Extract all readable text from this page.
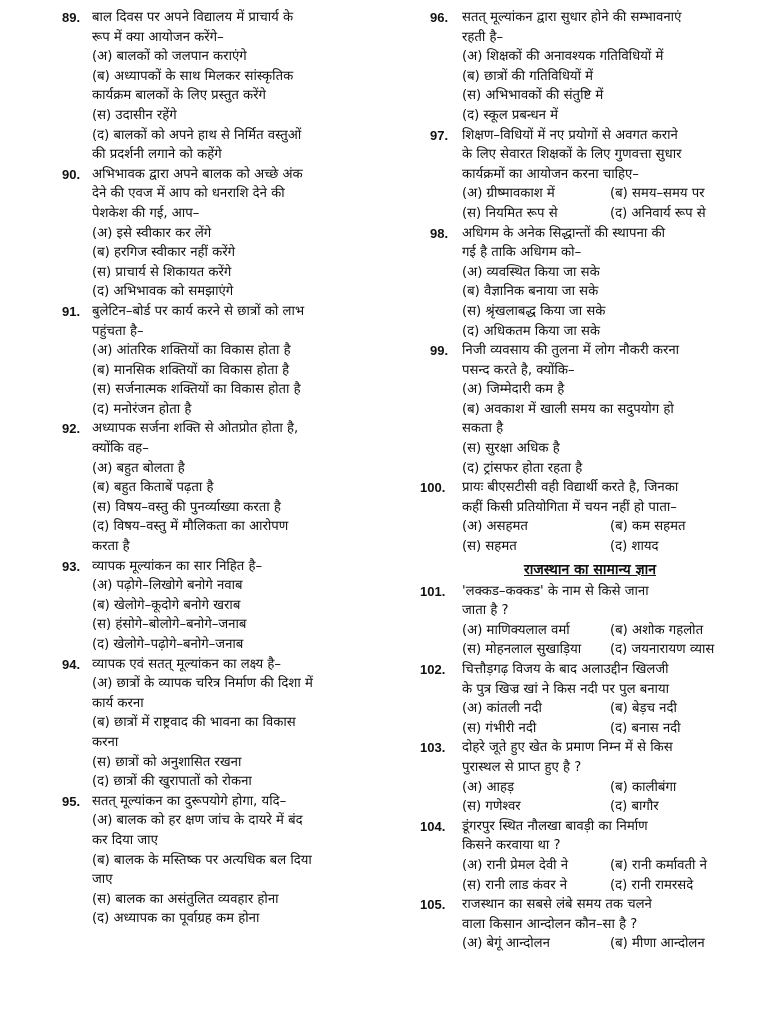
89. बाल दिवस पर अपने विद्यालय में प्राचार्य के
रूप में क्या आयोजन करेंगे–
(अ) बालकों को जलपान कराएंगे
(ब) अध्यापकों के साथ मिलकर सांस्कृतिक
कार्यक्रम बालकों के लिए प्रस्तुत करेंगे
(स) उदासीन रहेंगे
(द) बालकों को अपने हाथ से निर्मित वस्तुओं
की प्रदर्शनी लगाने को कहेंगे
90. अभिभावक द्वारा अपने बालक को अच्छे अंक
देने की एवज में आप को धनराशि देने की
पेशकेश की गई, आप–
(अ) इसे स्वीकार कर लेंगे
(ब) हरगिज स्वीकार नहीं करेंगे
(स) प्राचार्य से शिकायत करेंगे
(द) अभिभावक को समझाएंगे
91. बुलेटिन–बोर्ड पर कार्य करने से छात्रों को लाभ
पहुंचता है–
(अ) आंतरिक शक्तियों का विकास होता है
(ब) मानसिक शक्तियों का विकास होता है
(स) सर्जनात्मक शक्तियों का विकास होता है
(द) मनोरंजन होता है
92. अध्यापक सर्जना शक्ति से ओतप्रोत होता है,
क्योंकि वह–
(अ) बहुत बोलता है
(ब) बहुत किताबें पढ़ता है
(स) विषय–वस्तु की पुनर्व्याख्या करता है
(द) विषय–वस्तु में मौलिकता का आरोपण
करता है
93. व्यापक मूल्यांकन का सार निहित है–
(अ) पढ़ोगे–लिखोगे बनोगे नवाब
(ब) खेलोगे–कूदोगे बनोगे खराब
(स) हंसोगे–बोलोगे–बनोगे–जनाब
(द) खेलोगे–पढ़ोगे–बनोगे–जनाब
94. व्यापक एवं सतत् मूल्यांकन का लक्ष्य है–
(अ) छात्रों के व्यापक चरित्र निर्माण की दिशा में
कार्य करना
(ब) छात्रों में राष्ट्रवाद की भावना का विकास
करना
(स) छात्रों को अनुशासित रखना
(द) छात्रों की खुरापातों को रोकना
95. सतत् मूल्यांकन का दुरूपयोगे होगा, यदि–
(अ) बालक को हर क्षण जांच के दायरे में बंद
कर दिया जाए
(ब) बालक के मस्तिष्क पर अत्यधिक बल दिया
जाए
(स) बालक का असंतुलित व्यवहार होना
(द) अध्यापक का पूर्वाग्रह कम होना
96. सतत् मूल्यांकन द्वारा सुधार होने की सम्भावनाएं
रहती है–
(अ) शिक्षकों की अनावश्यक गतिविधियों में
(ब) छात्रों की गतिविधियों में
(स) अभिभावकों की संतुष्टि में
(द) स्कूल प्रबन्धन में
97. शिक्षण–विधियों में नए प्रयोगों से अवगत कराने
के लिए सेवारत शिक्षकों के लिए गुणवत्ता सुधार
कार्यक्रमों का आयोजन करना चाहिए–
(अ) ग्रीष्मावकाश में	(ब) समय–समय पर
(स) नियमित रूप से	(द) अनिवार्य रूप से
98. अधिगम के अनेक सिद्धान्तों की स्थापना की
गई है ताकि अधिगम को–
(अ) व्यवस्थित किया जा सके
(ब) वैज्ञानिक बनाया जा सके
(स) श्रृंखलाबद्ध किया जा सके
(द) अधिकतम किया जा सके
99. निजी व्यवसाय की तुलना में लोग नौकरी करना
पसन्द करते है, क्योंकि–
(अ) जिम्मेदारी कम है
(ब) अवकाश में खाली समय का सदुपयोग हो
सकता है
(स) सुरक्षा अधिक है
(द) ट्रांसफर होता रहता है
100. प्रायः बीएसटीसी वही विद्यार्थी करते है, जिनका
कहीं किसी प्रतियोगिता में चयन नहीं हो पाता–
(अ) असहमत	(ब) कम सहमत
(स) सहमत	(द) शायद
राजस्थान का सामान्य ज्ञान
101. 'लक्कड–कक्कड' के नाम से किसे जाना
जाता है ?
(अ) माणिक्यलाल वर्मा	(ब) अशोक गहलोत
(स) मोहनलाल सुखाड़िया	(द) जयनारायण व्यास
102. चित्तौड़गढ़ विजय के बाद अलाउद्दीन खिलजी
के पुत्र खिज्र खां ने किस नदी पर पुल बनाया
(अ) कांतली नदी	(ब) बेड़च नदी
(स) गंभीरी नदी	(द) बनास नदी
103. दोहरे जूते हुए खेत के प्रमाण निम्न में से किस
पुरास्थल से प्राप्त हुए है ?
(अ) आहड़	(ब) कालीबंगा
(स) गणेश्वर	(द) बागौर
104. डूंगरपुर स्थित नौलखा बावड़ी का निर्माण
किसने करवाया था ?
(अ) रानी प्रेमल देवी ने	(ब) रानी कर्मावती ने
(स) रानी लाड कंवर ने	(द) रानी रामरसदे
105. राजस्थान का सबसे लंबे समय तक चलने
वाला किसान आन्दोलन कौन–सा है ?
(अ) बेगूं आन्दोलन	(ब) मीणा आन्दोलन
